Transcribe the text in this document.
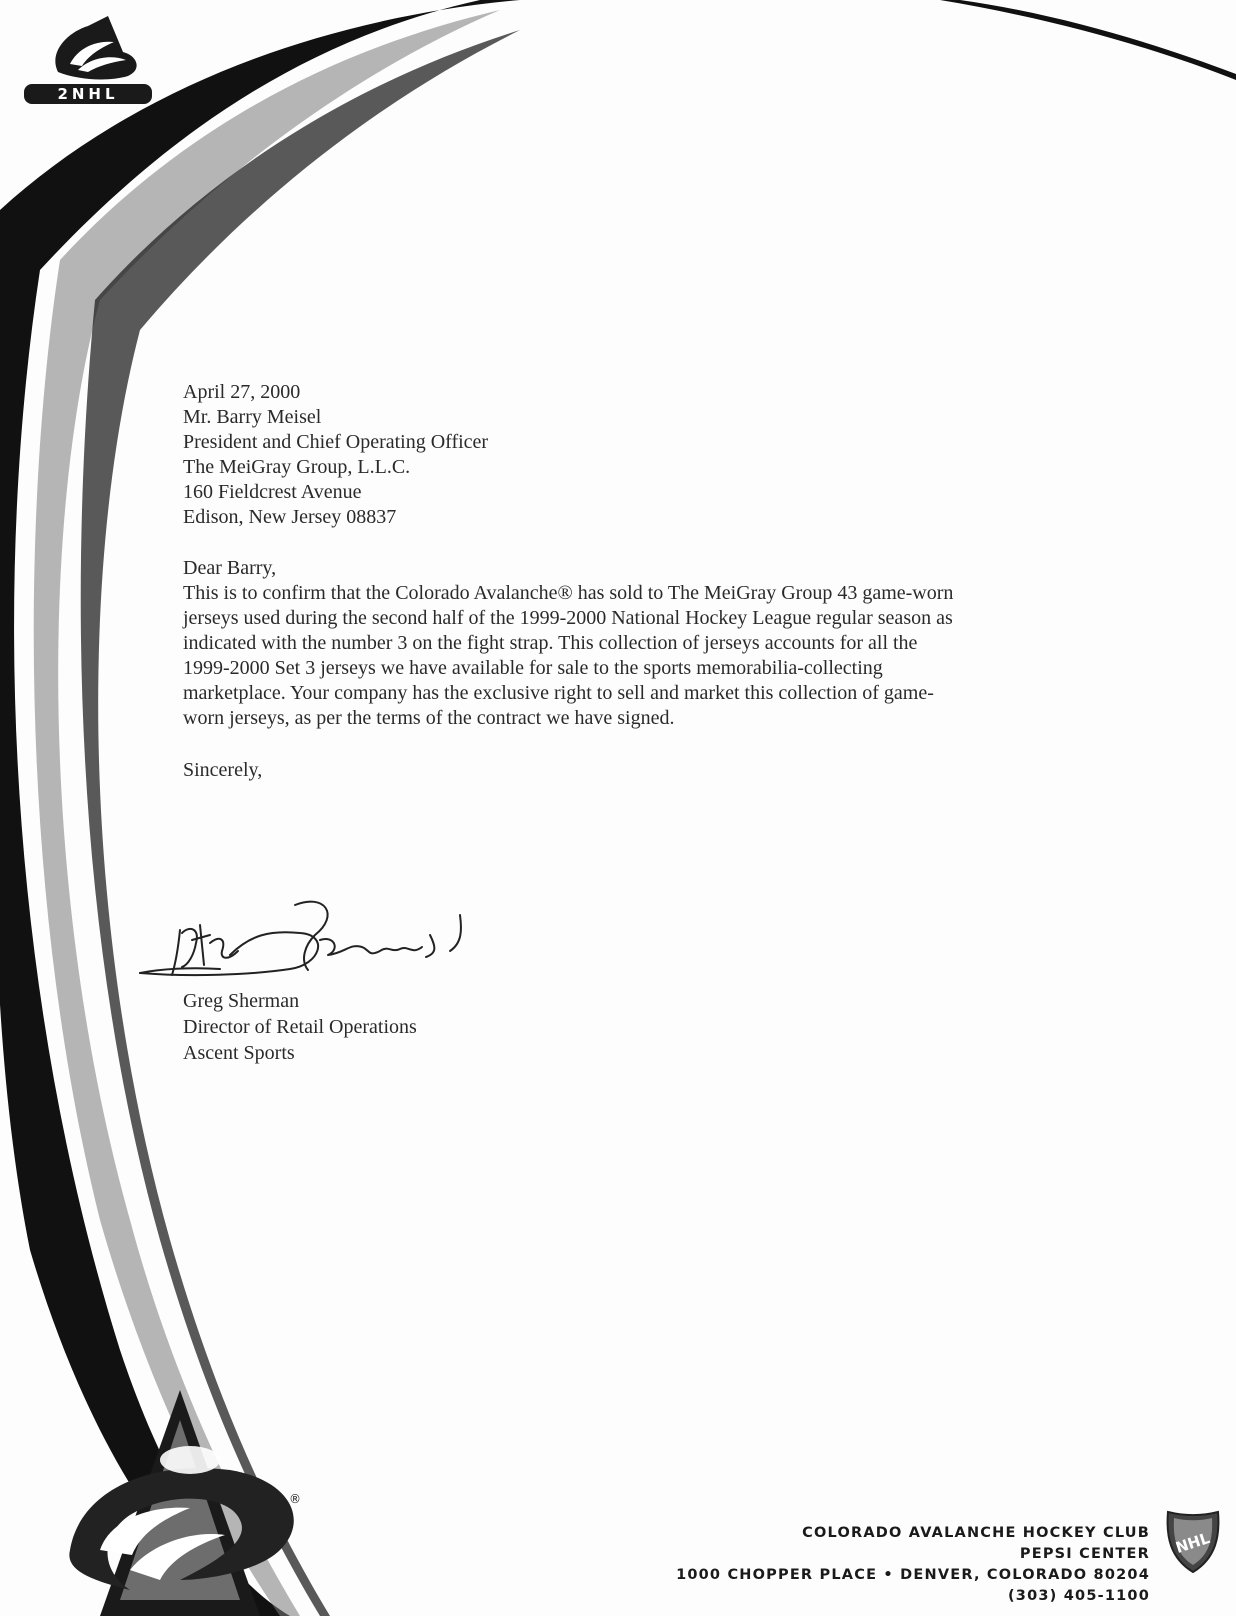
2NHL
®

April 27, 2000

Mr. Barry Meisel

President and Chief Operating Officer

The MeiGray Group, L.L.C.

160 Fieldcrest Avenue

Edison, New Jersey 08837

Dear Barry,

This is to confirm that the Colorado Avalanche® has sold to The MeiGray Group 43 game-worn

jerseys used during the second half of the 1999-2000 National Hockey League regular season as

indicated with the number 3 on the fight strap. This collection of jerseys accounts for all the

1999-2000 Set 3 jerseys we have available for sale to the sports memorabilia-collecting

marketplace. Your company has the exclusive right to sell and market this collection of game-

worn jerseys, as per the terms of the contract we have signed.

Sincerely,

Greg Sherman

Director of Retail Operations

Ascent Sports

COLORADO AVALANCHE HOCKEY CLUB

PEPSI CENTER

1000 CHOPPER PLACE • DENVER, COLORADO 80204

(303) 405-1100

NHL
